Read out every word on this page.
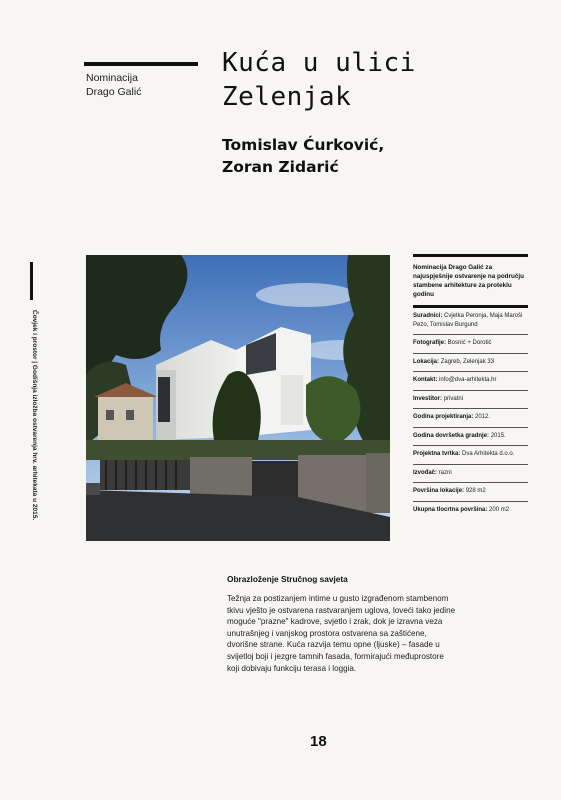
Nominacija
Drago Galić
Kuća u ulici
Zelenjak
Tomislav Ćurković,
Zoran Zidarić
Čovjek i prostor | Godišnja izložba ostvarenja hrv. arhitekata u 2015.
Nominacija Drago Galić za najuspješnije ostvarenje na području stambene arhitekture za proteklu godinu
Suradnici: Cvjetka Peronja, Maja Maroši Pezo, Tomislav Burgund
Fotografije: Bosnić + Dorotić
Lokacija: Zagreb, Zelenjak 33
Kontakt: info@dva-arhitekta.hr
Investitor: privatni
Godina projektiranja: 2012.
Godina dovršetka gradnje: 2015.
Projektna tvrtka: Dva Arhitekta d.o.o.
Izvođač: razni
Površina lokacije: 928 m2
Ukupna tlocrtna površina: 200 m2
Obrazloženje Stručnog savjeta
Težnja za postizanjem intime u gusto izgrađenom stambenom tkivu vješto je ostvarena rastvaranjem uglova, loveći tako jedine moguće "prazne" kadrove, svjetlo i zrak, dok je izravna veza unutrašnjeg i vanjskog prostora ostvarena sa zaštićene, dvorišne strane. Kuća razvija temu opne (ljuske) – fasade u svijetloj boji i jezgre tamnih fasada, formirajući međuprostore koji dobivaju funkciju terasa i loggia.
18
